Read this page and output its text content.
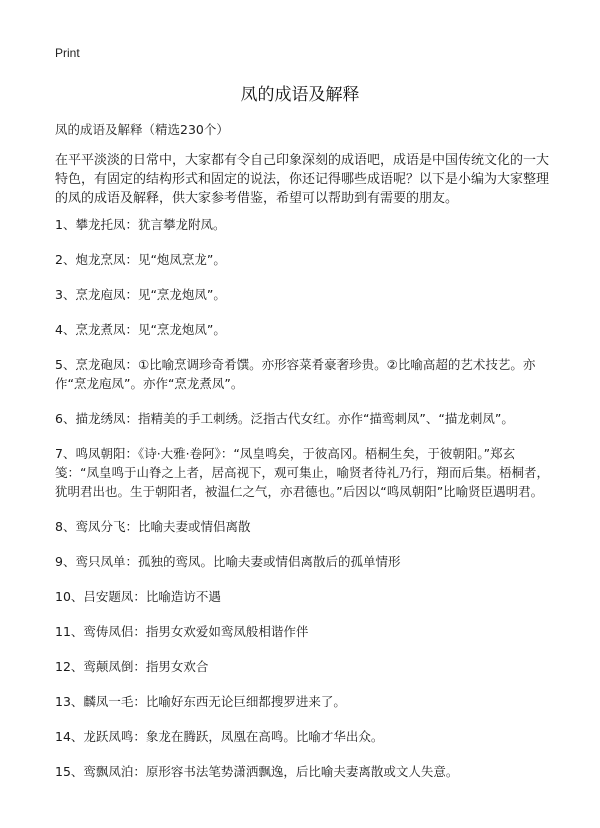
Print
凤的成语及解释
凤的成语及解释（精选230个）
在平平淡淡的日常中，大家都有令自己印象深刻的成语吧，成语是中国传统文化的一大特色，有固定的结构形式和固定的说法，你还记得哪些成语呢？以下是小编为大家整理的凤的成语及解释，供大家参考借鉴，希望可以帮助到有需要的朋友。
1、攀龙托凤：犹言攀龙附凤。
2、炮龙烹凤：见“炮凤烹龙”。
3、烹龙庖凤：见“烹龙炮凤”。
4、烹龙煮凤：见“烹龙炮凤”。
5、烹龙砲凤：①比喻烹调珍奇肴馔。亦形容菜肴豪奢珍贵。②比喻高超的艺术技艺。亦作“烹龙庖凤”。亦作“烹龙煮凤”。
6、描龙绣凤：指精美的手工刺绣。泛指古代女红。亦作“描鸾刺凤”、“描龙刺凤”。
7、鸣凤朝阳：《诗·大雅·卷阿》：“凤皇鸣矣，于彼高冈。梧桐生矣，于彼朝阳。”郑玄笺：“凤皇鸣于山脊之上者，居高视下，观可集止，喻贤者待礼乃行，翔而后集。梧桐者，犹明君出也。生于朝阳者，被温仁之气，亦君德也。”后因以“鸣凤朝阳”比喻贤臣遇明君。
8、鸾凤分飞：比喻夫妻或情侣离散
9、鸾只凤单：孤独的鸾凤。比喻夫妻或情侣离散后的孤单情形
10、吕安题凤：比喻造访不遇
11、鸾俦凤侣：指男女欢爱如鸾凤般相谐作伴
12、鸾颠凤倒：指男女欢合
13、麟凤一毛：比喻好东西无论巨细都搜罗进来了。
14、龙跃凤鸣：象龙在腾跃，凤凰在高鸣。比喻才华出众。
15、鸾飘凤泊：原形容书法笔势潇洒飘逸，后比喻夫妻离散或文人失意。
